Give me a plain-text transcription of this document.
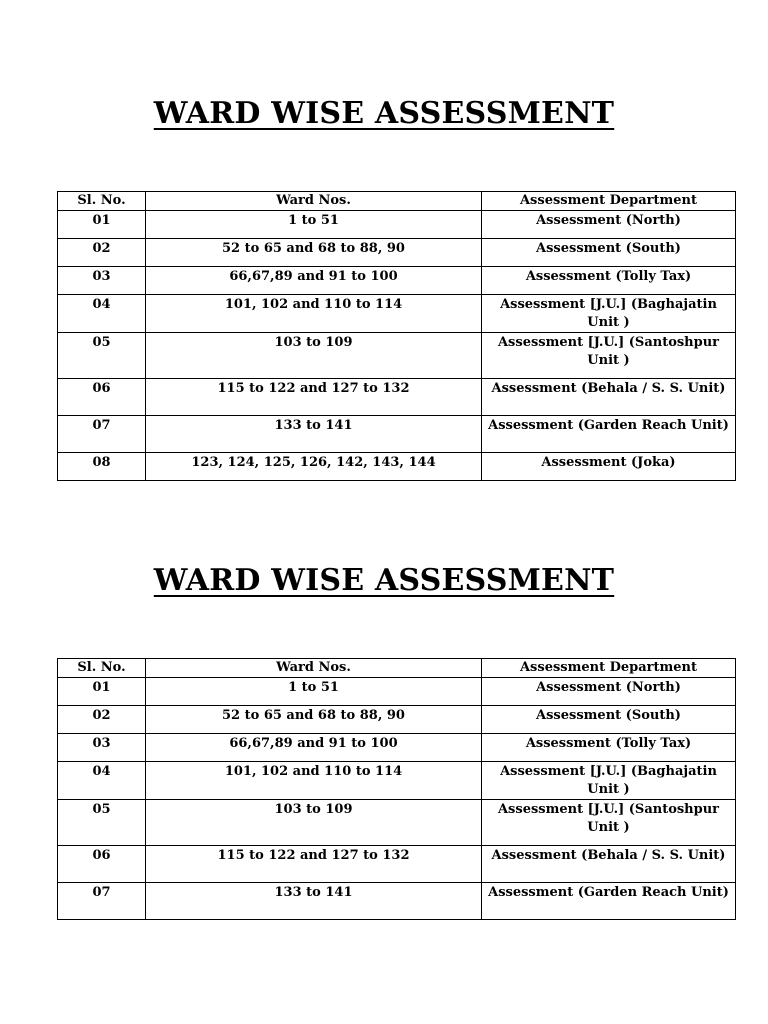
WARD WISE ASSESSMENT
Sl. No.	Ward Nos.	Assessment Department
01	1 to 51	Assessment (North)
02	52 to 65 and 68 to 88, 90	Assessment (South)
03	66,67,89 and 91 to 100	Assessment (Tolly Tax)
04	101, 102 and 110 to 114	Assessment [J.U.] (Baghajatin Unit )
05	103 to 109	Assessment [J.U.] (Santoshpur Unit )
06	115 to 122 and 127 to 132	Assessment (Behala / S. S. Unit)
07	133 to 141	Assessment (Garden Reach Unit)
08	123, 124, 125, 126, 142, 143, 144	Assessment (Joka)
WARD WISE ASSESSMENT
Sl. No.	Ward Nos.	Assessment Department
01	1 to 51	Assessment (North)
02	52 to 65 and 68 to 88, 90	Assessment (South)
03	66,67,89 and 91 to 100	Assessment (Tolly Tax)
04	101, 102 and 110 to 114	Assessment [J.U.] (Baghajatin Unit )
05	103 to 109	Assessment [J.U.] (Santoshpur Unit )
06	115 to 122 and 127 to 132	Assessment (Behala / S. S. Unit)
07	133 to 141	Assessment (Garden Reach Unit)
